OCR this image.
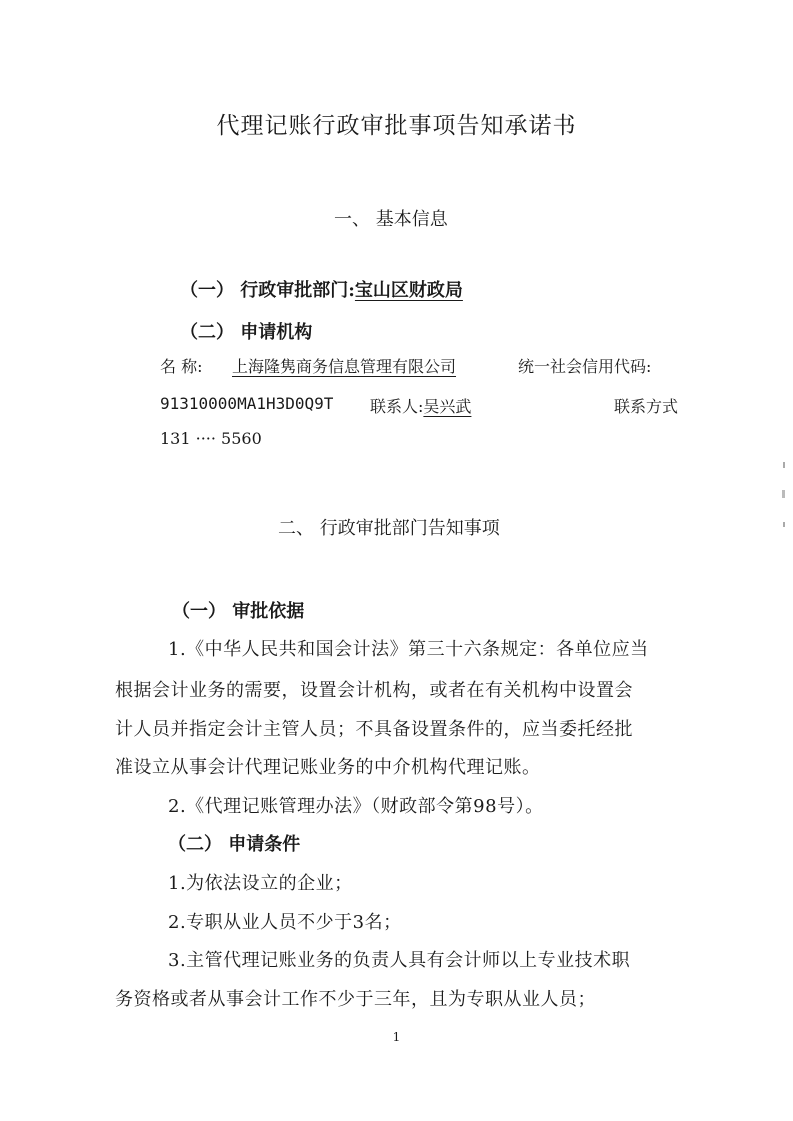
代理记账行政审批事项告知承诺书
一、 基本信息
（一） 行政审批部门:宝山区财政局
（二） 申请机构
名 称: 上海隆隽商务信息管理有限公司	统一社会信用代码:
91310000MA1H3D0Q9T 联系人:吴兴武	联系方式
131 ···· 5560
二、 行政审批部门告知事项
（一） 审批依据
1.《中华人民共和国会计法》第三十六条规定：各单位应当
根据会计业务的需要，设置会计机构，或者在有关机构中设置会
计人员并指定会计主管人员；不具备设置条件的，应当委托经批
准设立从事会计代理记账业务的中介机构代理记账。
2.《代理记账管理办法》（财政部令第98号）。
（二） 申请条件
1.为依法设立的企业；
2.专职从业人员不少于3名；
3.主管代理记账业务的负责人具有会计师以上专业技术职
务资格或者从事会计工作不少于三年，且为专职从业人员；
1
